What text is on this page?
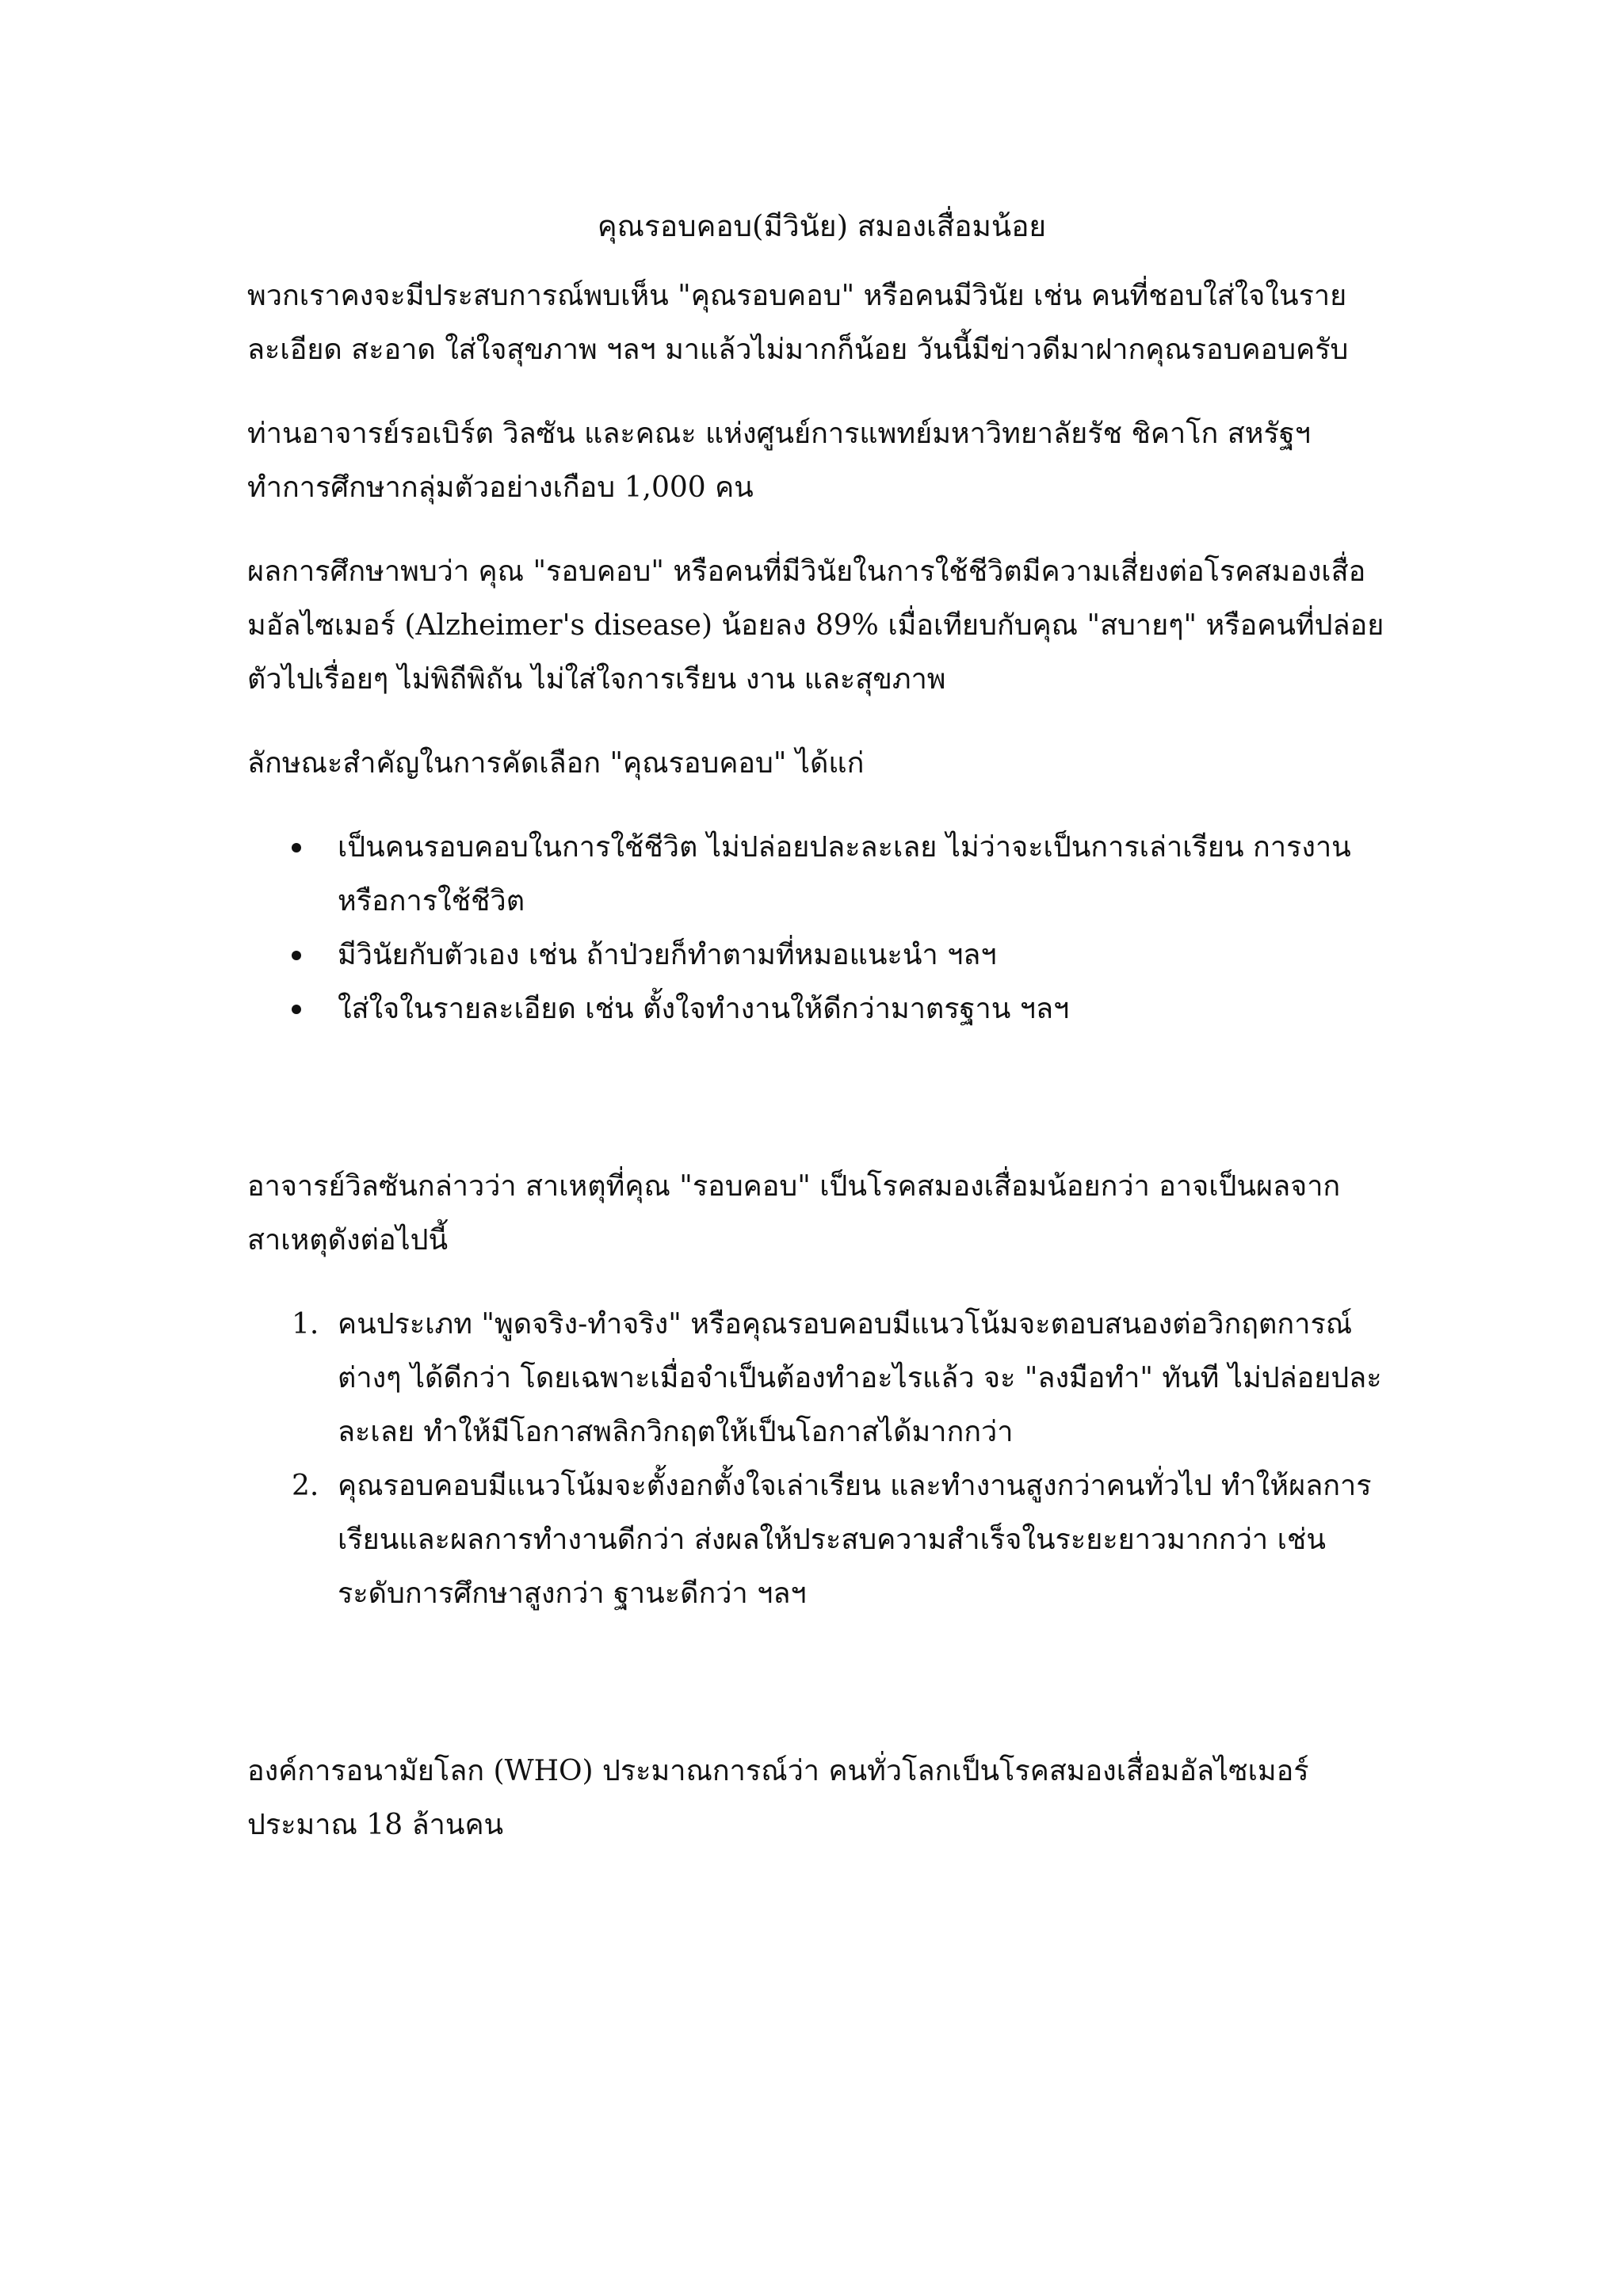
คุณรอบคอบ(มีวินัย) สมองเสื่อมน้อย

พวกเราคงจะมีประสบการณ์พบเห็น "คุณรอบคอบ" หรือคนมีวินัย เช่น คนที่ชอบใส่ใจในรายละเอียด สะอาด ใส่ใจสุขภาพ ฯลฯ มาแล้วไม่มากก็น้อย วันนี้มีข่าวดีมาฝากคุณรอบคอบครับ

ท่านอาจารย์รอเบิร์ต วิลซัน และคณะ แห่งศูนย์การแพทย์มหาวิทยาลัยรัช ชิคาโก สหรัฐฯ ทำการศึกษากลุ่มตัวอย่างเกือบ 1,000 คน

ผลการศึกษาพบว่า คุณ "รอบคอบ" หรือคนที่มีวินัยในการใช้ชีวิตมีความเสี่ยงต่อโรคสมองเสื่อมอัลไซเมอร์ (Alzheimer's disease) น้อยลง 89% เมื่อเทียบกับคุณ "สบายๆ" หรือคนที่ปล่อยตัวไปเรื่อยๆ ไม่พิถีพิถัน ไม่ใส่ใจการเรียน งาน และสุขภาพ

ลักษณะสำคัญในการคัดเลือก "คุณรอบคอบ" ได้แก่

เป็นคนรอบคอบในการใช้ชีวิต ไม่ปล่อยปละละเลย ไม่ว่าจะเป็นการเล่าเรียน การงาน หรือการใช้ชีวิต
มีวินัยกับตัวเอง เช่น ถ้าป่วยก็ทำตามที่หมอแนะนำ ฯลฯ
ใส่ใจในรายละเอียด เช่น ตั้งใจทำงานให้ดีกว่ามาตรฐาน ฯลฯ

อาจารย์วิลซันกล่าวว่า สาเหตุที่คุณ "รอบคอบ" เป็นโรคสมองเสื่อมน้อยกว่า อาจเป็นผลจากสาเหตุดังต่อไปนี้

1. คนประเภท "พูดจริง-ทำจริง" หรือคุณรอบคอบมีแนวโน้มจะตอบสนองต่อวิกฤตการณ์ต่างๆ ได้ดีกว่า โดยเฉพาะเมื่อจำเป็นต้องทำอะไรแล้ว จะ "ลงมือทำ" ทันที ไม่ปล่อยปละละเลย ทำให้มีโอกาสพลิกวิกฤตให้เป็นโอกาสได้มากกว่า
2. คุณรอบคอบมีแนวโน้มจะตั้งอกตั้งใจเล่าเรียน และทำงานสูงกว่าคนทั่วไป ทำให้ผลการเรียนและผลการทำงานดีกว่า ส่งผลให้ประสบความสำเร็จในระยะยาวมากกว่า เช่น ระดับการศึกษาสูงกว่า ฐานะดีกว่า ฯลฯ

องค์การอนามัยโลก (WHO) ประมาณการณ์ว่า คนทั่วโลกเป็นโรคสมองเสื่อมอัลไซเมอร์ประมาณ 18 ล้านคน
